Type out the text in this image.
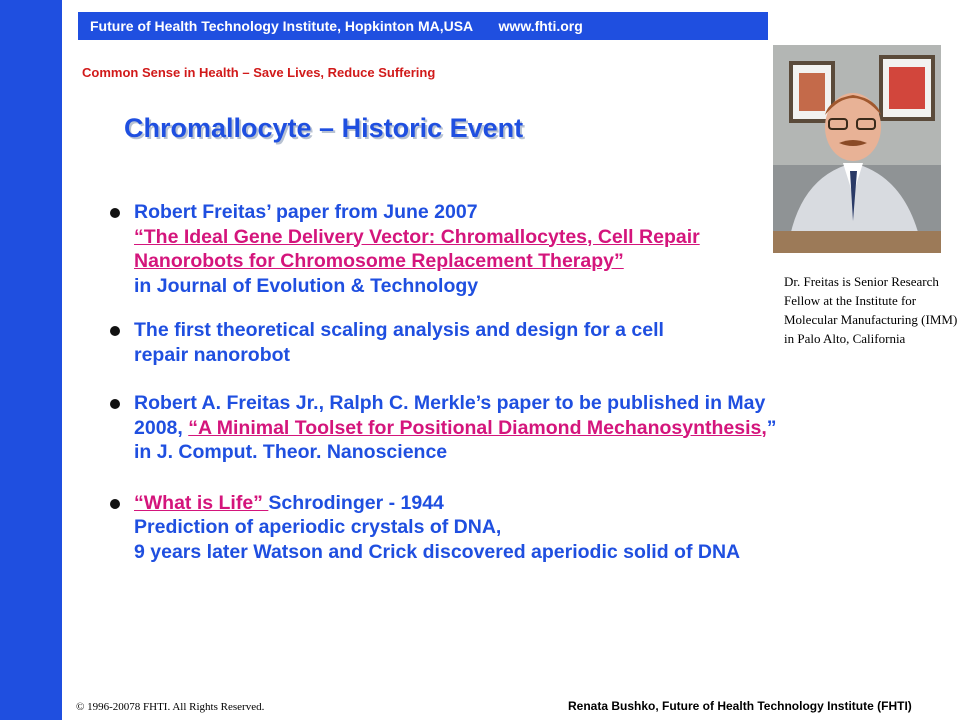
Future of Health Technology Institute, Hopkinton MA,USA www.fhti.org
Common Sense in Health – Save Lives, Reduce Suffering
Chromallocyte – Historic Event
Robert Freitas’ paper from June 2007
“The Ideal Gene Delivery Vector: Chromallocytes, Cell Repair Nanorobots for Chromosome Replacement Therapy”
in Journal of Evolution & Technology
The first theoretical scaling analysis and design for a cell repair nanorobot
Robert A. Freitas Jr., Ralph C. Merkle’s paper to be published in May 2008, “A Minimal Toolset for Positional Diamond Mechanosynthesis,” in J. Comput. Theor. Nanoscience
“What is Life” Schrodinger - 1944
Prediction of aperiodic crystals of DNA,
9 years later Watson and Crick discovered aperiodic solid of DNA
Dr. Freitas is Senior Research Fellow at the Institute for Molecular Manufacturing (IMM) in Palo Alto, California
© 1996-20078 FHTI. All Rights Reserved.	Renata Bushko, Future of Health Technology Institute (FHTI)
